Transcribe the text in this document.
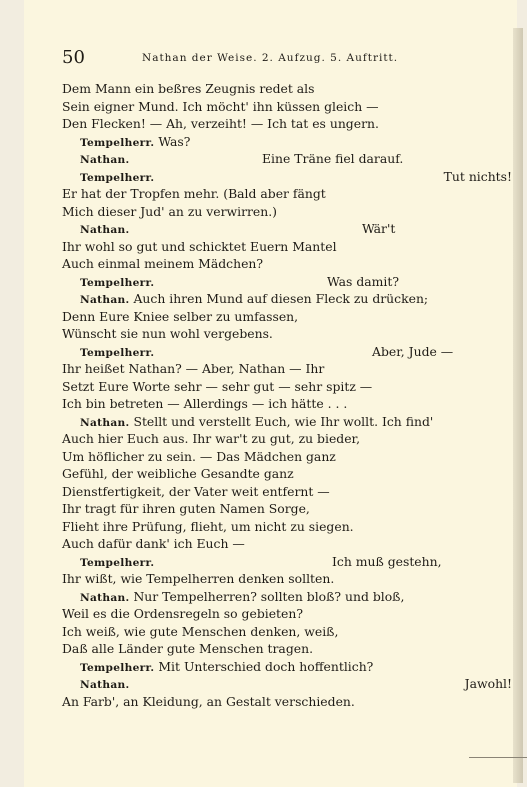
50	Nathan der Weise. 2. Aufzug. 5. Auftritt.
Dem Mann ein beßres Zeugnis redet als
Sein eigner Mund. Ich möcht' ihn küssen gleich —
Den Flecken! — Ah, verzeiht! — Ich tat es ungern.
Tempelherr. Was?
Nathan.	Eine Träne fiel darauf.
Tempelherr.	Tut nichts!
Er hat der Tropfen mehr. (Bald aber fängt
Mich dieser Jud' an zu verwirren.)
Nathan.	Wär't
Ihr wohl so gut und schicktet Euern Mantel
Auch einmal meinem Mädchen?
Tempelherr.	Was damit?
Nathan. Auch ihren Mund auf diesen Fleck zu drücken;
Denn Eure Kniee selber zu umfassen,
Wünscht sie nun wohl vergebens.
Tempelherr.	Aber, Jude —
Ihr heißet Nathan? — Aber, Nathan — Ihr
Setzt Eure Worte sehr — sehr gut — sehr spitz —
Ich bin betreten — Allerdings — ich hätte . . .
Nathan. Stellt und verstellt Euch, wie Ihr wollt. Ich find'
Auch hier Euch aus. Ihr war't zu gut, zu bieder,
Um höflicher zu sein. — Das Mädchen ganz
Gefühl, der weibliche Gesandte ganz
Dienstfertigkeit, der Vater weit entfernt —
Ihr tragt für ihren guten Namen Sorge,
Flieht ihre Prüfung, flieht, um nicht zu siegen.
Auch dafür dank' ich Euch —
Tempelherr.	Ich muß gestehn,
Ihr wißt, wie Tempelherren denken sollten.
Nathan. Nur Tempelherren? sollten bloß? und bloß,
Weil es die Ordensregeln so gebieten?
Ich weiß, wie gute Menschen denken, weiß,
Daß alle Länder gute Menschen tragen.
Tempelherr. Mit Unterschied doch hoffentlich?
Nathan.	Jawohl!
An Farb', an Kleidung, an Gestalt verschieden.
